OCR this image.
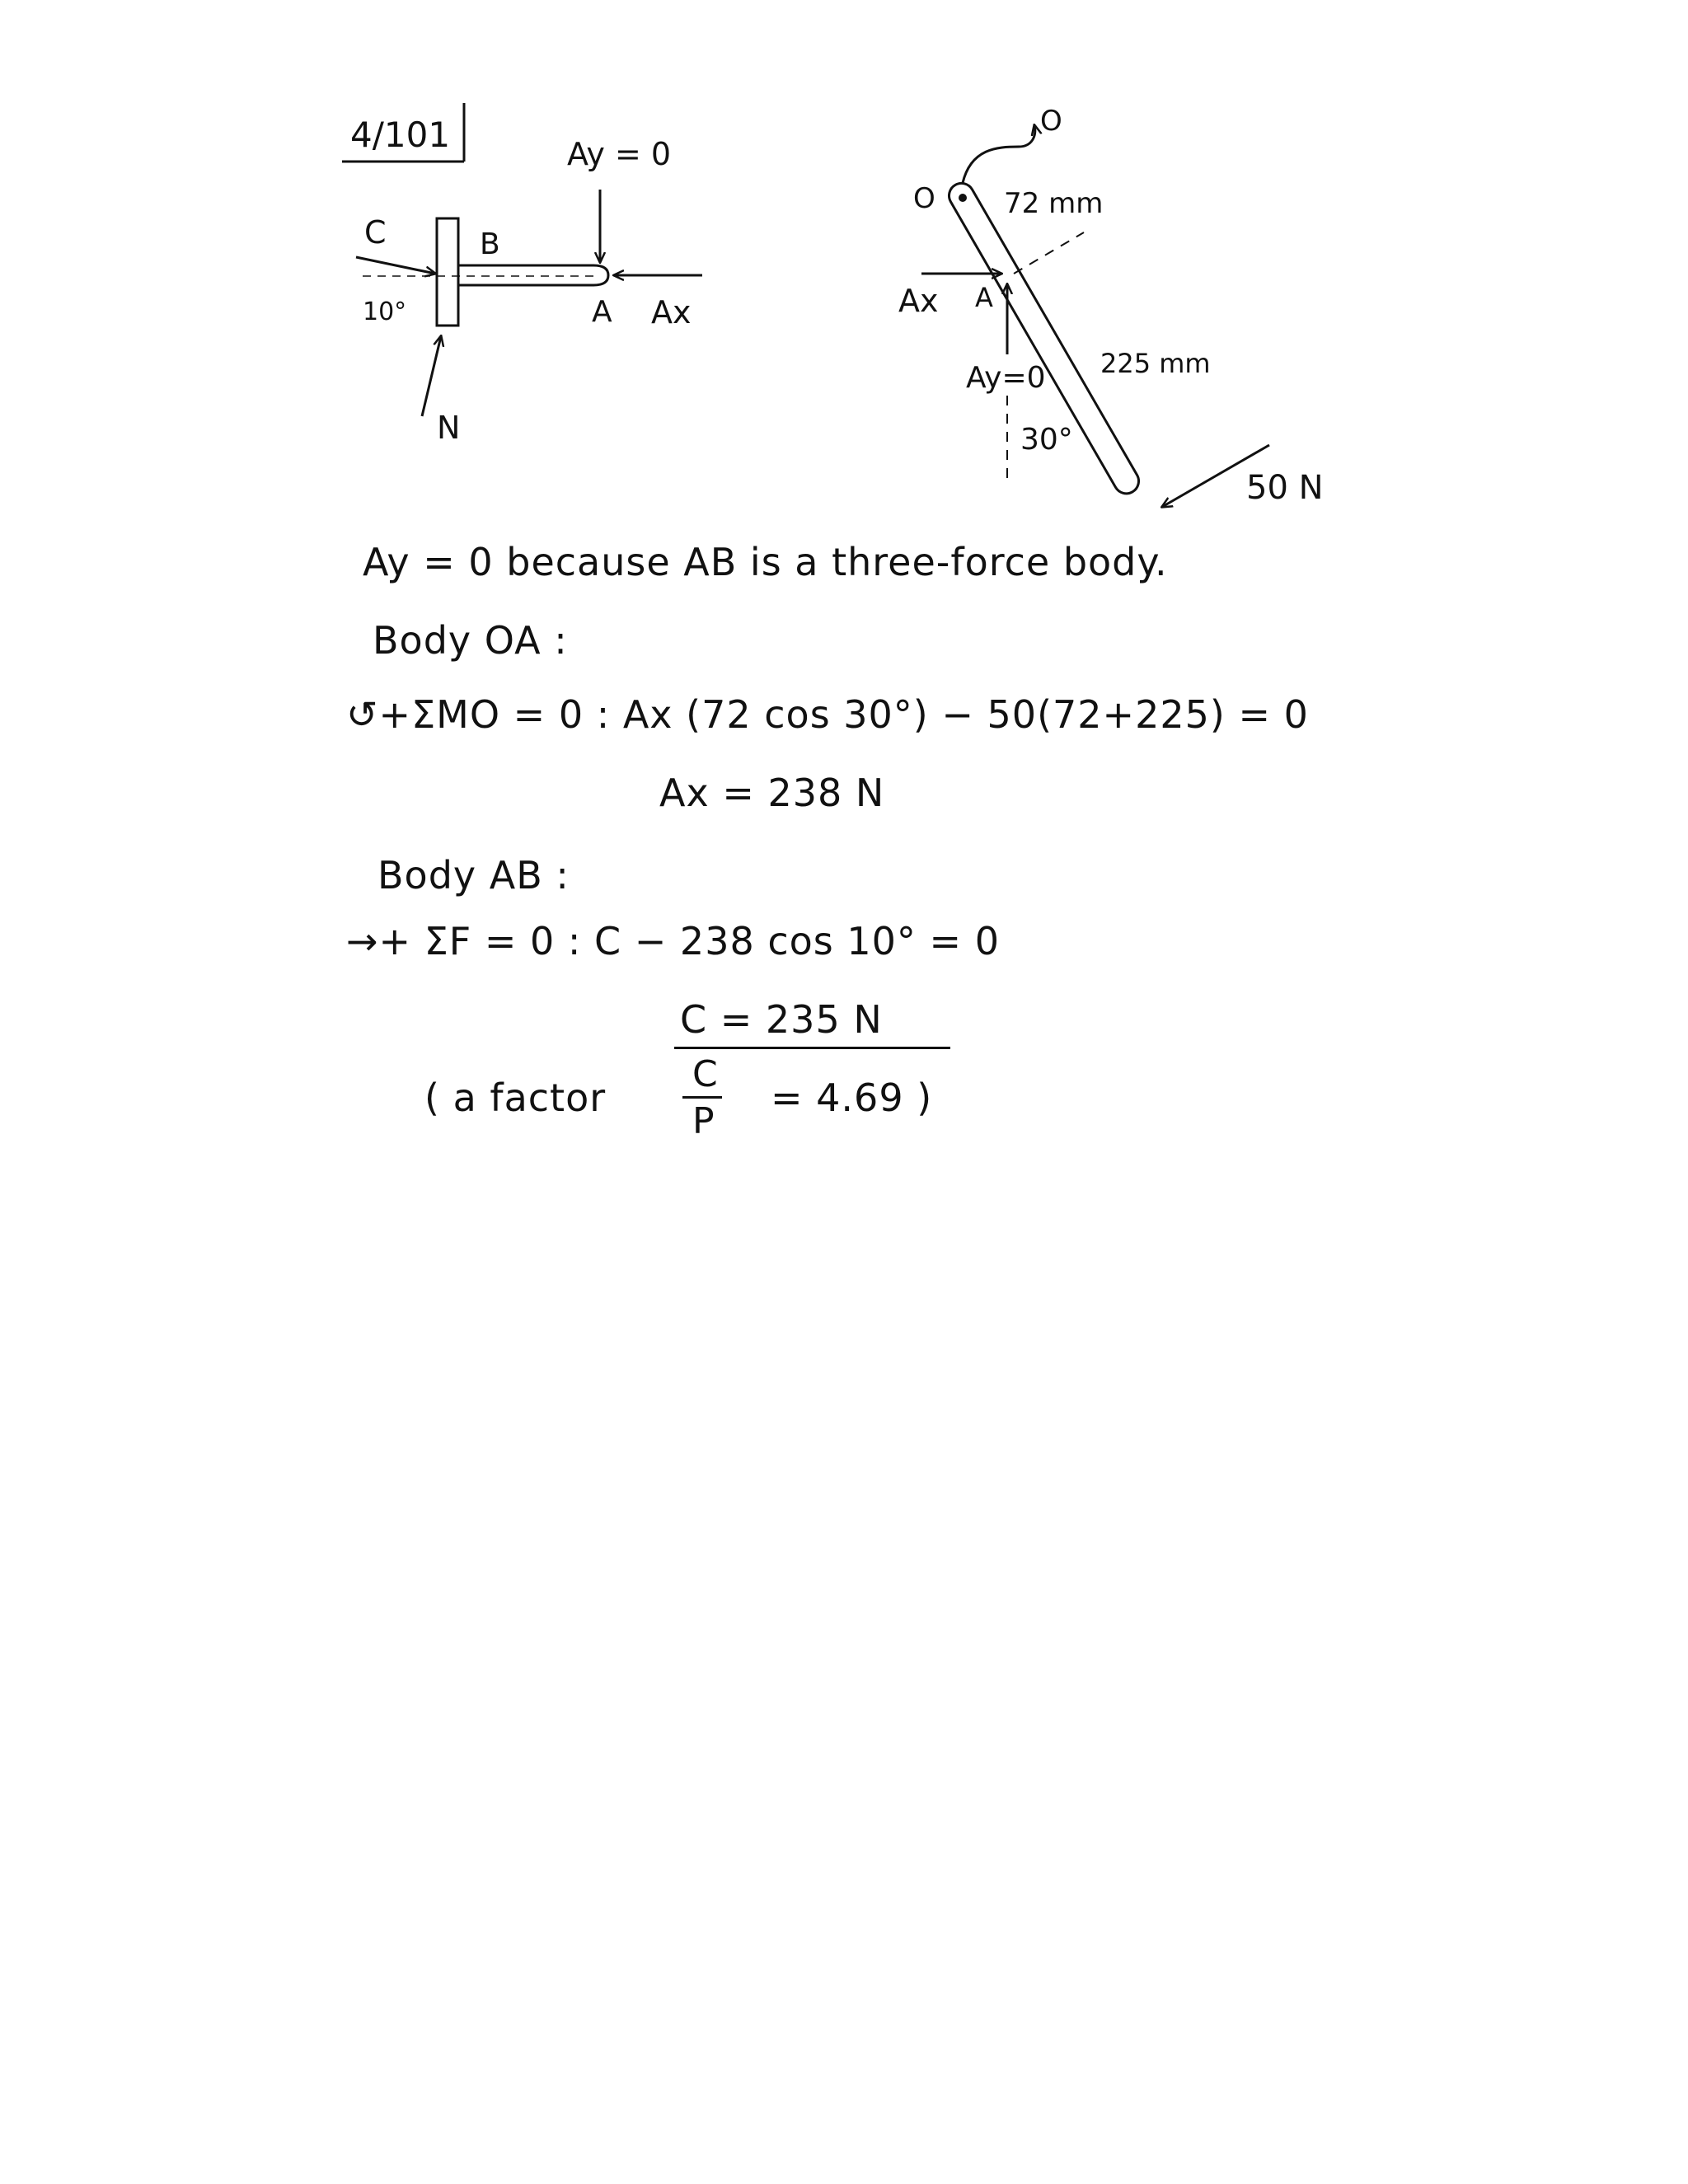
4/101
C	B
10°
Ay = 0
A Ax
N
O
O 72 mm
Ax A
Ay=0
30°
225 mm
50 N
Ay = 0 because AB is a three-force body.
Body OA :
↺+ΣMO = 0 : Ax (72 cos 30°) − 50(72+225) = 0
Ax = 238 N
Body AB :
→+ ΣF = 0 : C − 238 cos 10° = 0
C = 235 N
( a factor
C
P
= 4.69 )
